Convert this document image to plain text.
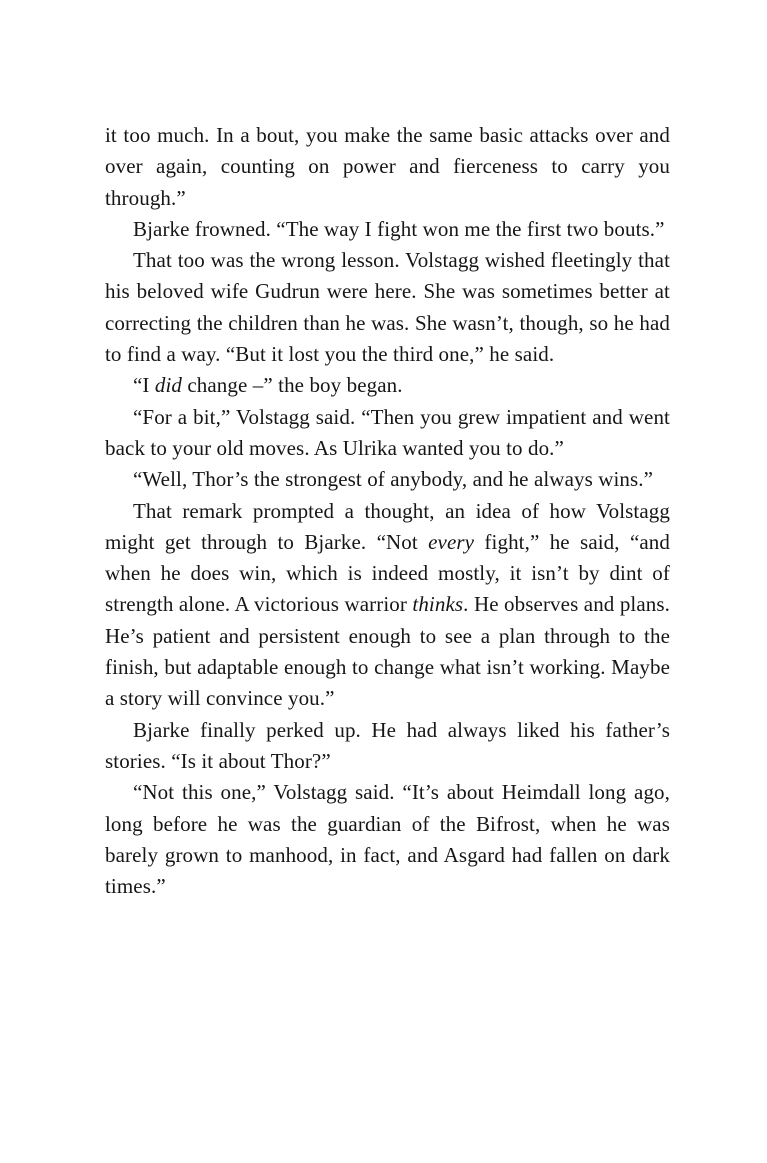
it too much. In a bout, you make the same basic attacks over and over again, counting on power and fierceness to carry you through.”

Bjarke frowned. “The way I fight won me the first two bouts.”

That too was the wrong lesson. Volstagg wished fleetingly that his beloved wife Gudrun were here. She was sometimes better at correcting the children than he was. She wasn’t, though, so he had to find a way. “But it lost you the third one,” he said.

“I did change –” the boy began.

“For a bit,” Volstagg said. “Then you grew impatient and went back to your old moves. As Ulrika wanted you to do.”

“Well, Thor’s the strongest of anybody, and he always wins.”

That remark prompted a thought, an idea of how Volstagg might get through to Bjarke. “Not every fight,” he said, “and when he does win, which is indeed mostly, it isn’t by dint of strength alone. A victorious warrior thinks. He observes and plans. He’s patient and persistent enough to see a plan through to the finish, but adaptable enough to change what isn’t working. Maybe a story will convince you.”

Bjarke finally perked up. He had always liked his father’s stories. “Is it about Thor?”

“Not this one,” Volstagg said. “It’s about Heimdall long ago, long before he was the guardian of the Bifrost, when he was barely grown to manhood, in fact, and Asgard had fallen on dark times.”
